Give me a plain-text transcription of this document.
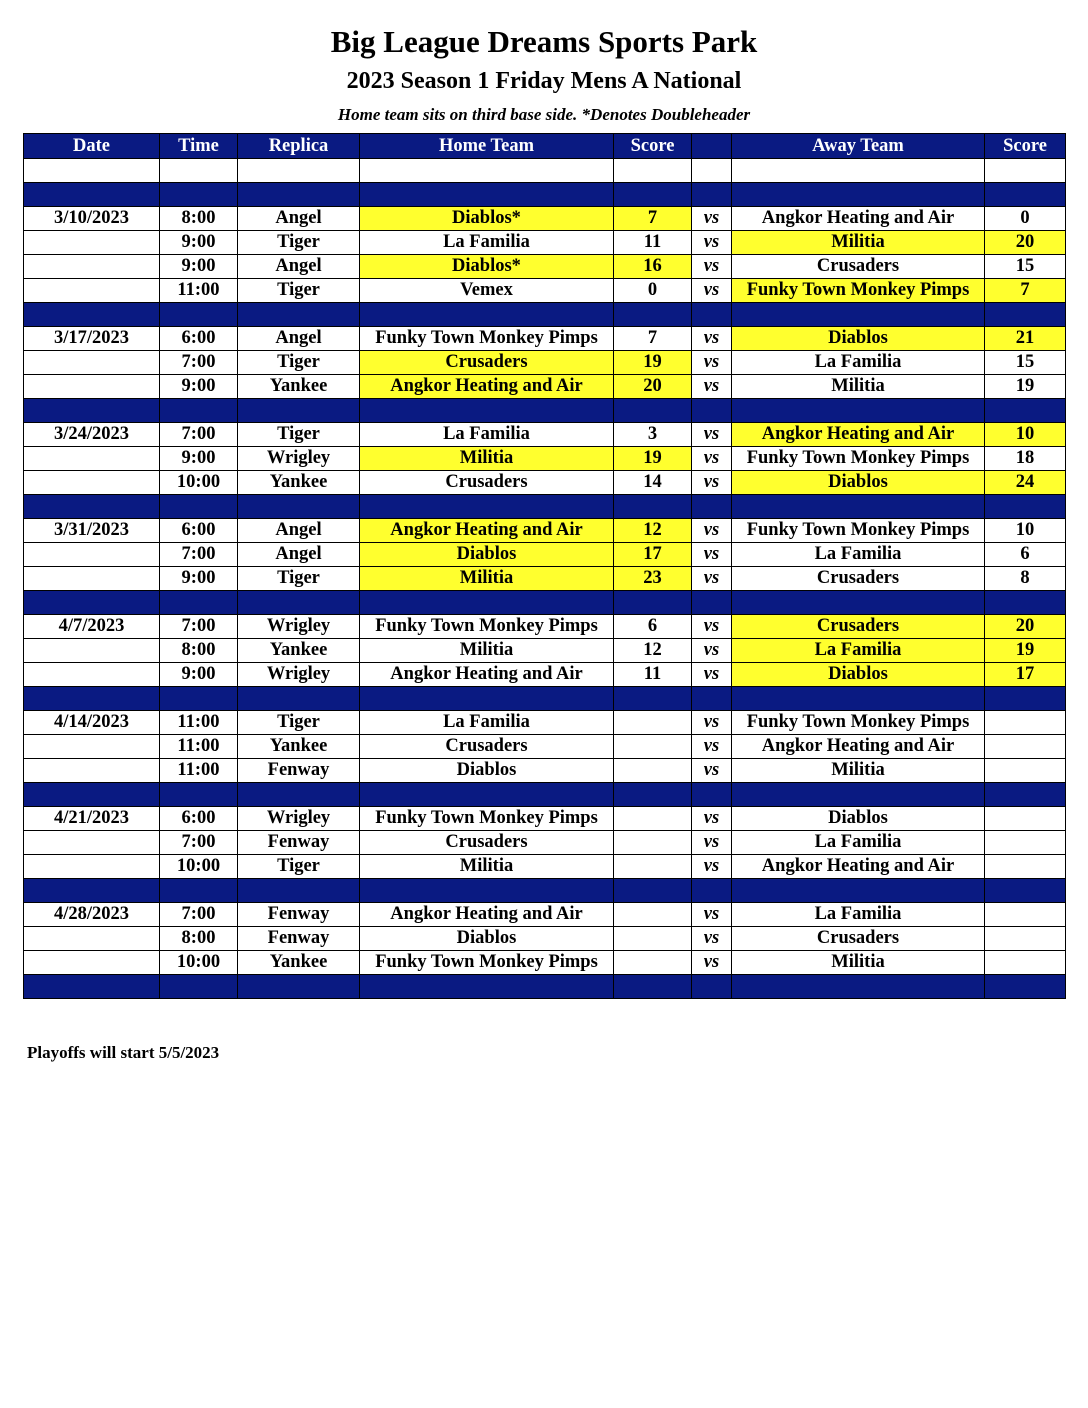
Big League Dreams Sports Park
2023 Season 1 Friday Mens A National
Home team sits on third base side. *Denotes Doubleheader
Date	Time	Replica	Home Team	Score		Away Team	Score

3/10/2023	8:00	Angel	Diablos*	7	vs	Angkor Heating and Air	0
	9:00	Tiger	La Familia	11	vs	Militia	20
	9:00	Angel	Diablos*	16	vs	Crusaders	15
	11:00	Tiger	Vemex	0	vs	Funky Town Monkey Pimps	7

3/17/2023	6:00	Angel	Funky Town Monkey Pimps	7	vs	Diablos	21
	7:00	Tiger	Crusaders	19	vs	La Familia	15
	9:00	Yankee	Angkor Heating and Air	20	vs	Militia	19

3/24/2023	7:00	Tiger	La Familia	3	vs	Angkor Heating and Air	10
	9:00	Wrigley	Militia	19	vs	Funky Town Monkey Pimps	18
	10:00	Yankee	Crusaders	14	vs	Diablos	24

3/31/2023	6:00	Angel	Angkor Heating and Air	12	vs	Funky Town Monkey Pimps	10
	7:00	Angel	Diablos	17	vs	La Familia	6
	9:00	Tiger	Militia	23	vs	Crusaders	8

4/7/2023	7:00	Wrigley	Funky Town Monkey Pimps	6	vs	Crusaders	20
	8:00	Yankee	Militia	12	vs	La Familia	19
	9:00	Wrigley	Angkor Heating and Air	11	vs	Diablos	17

4/14/2023	11:00	Tiger	La Familia		vs	Funky Town Monkey Pimps	
	11:00	Yankee	Crusaders		vs	Angkor Heating and Air	
	11:00	Fenway	Diablos		vs	Militia	

4/21/2023	6:00	Wrigley	Funky Town Monkey Pimps		vs	Diablos	
	7:00	Fenway	Crusaders		vs	La Familia	
	10:00	Tiger	Militia		vs	Angkor Heating and Air	

4/28/2023	7:00	Fenway	Angkor Heating and Air		vs	La Familia	
	8:00	Fenway	Diablos		vs	Crusaders	
	10:00	Yankee	Funky Town Monkey Pimps		vs	Militia	

Playoffs will start 5/5/2023
